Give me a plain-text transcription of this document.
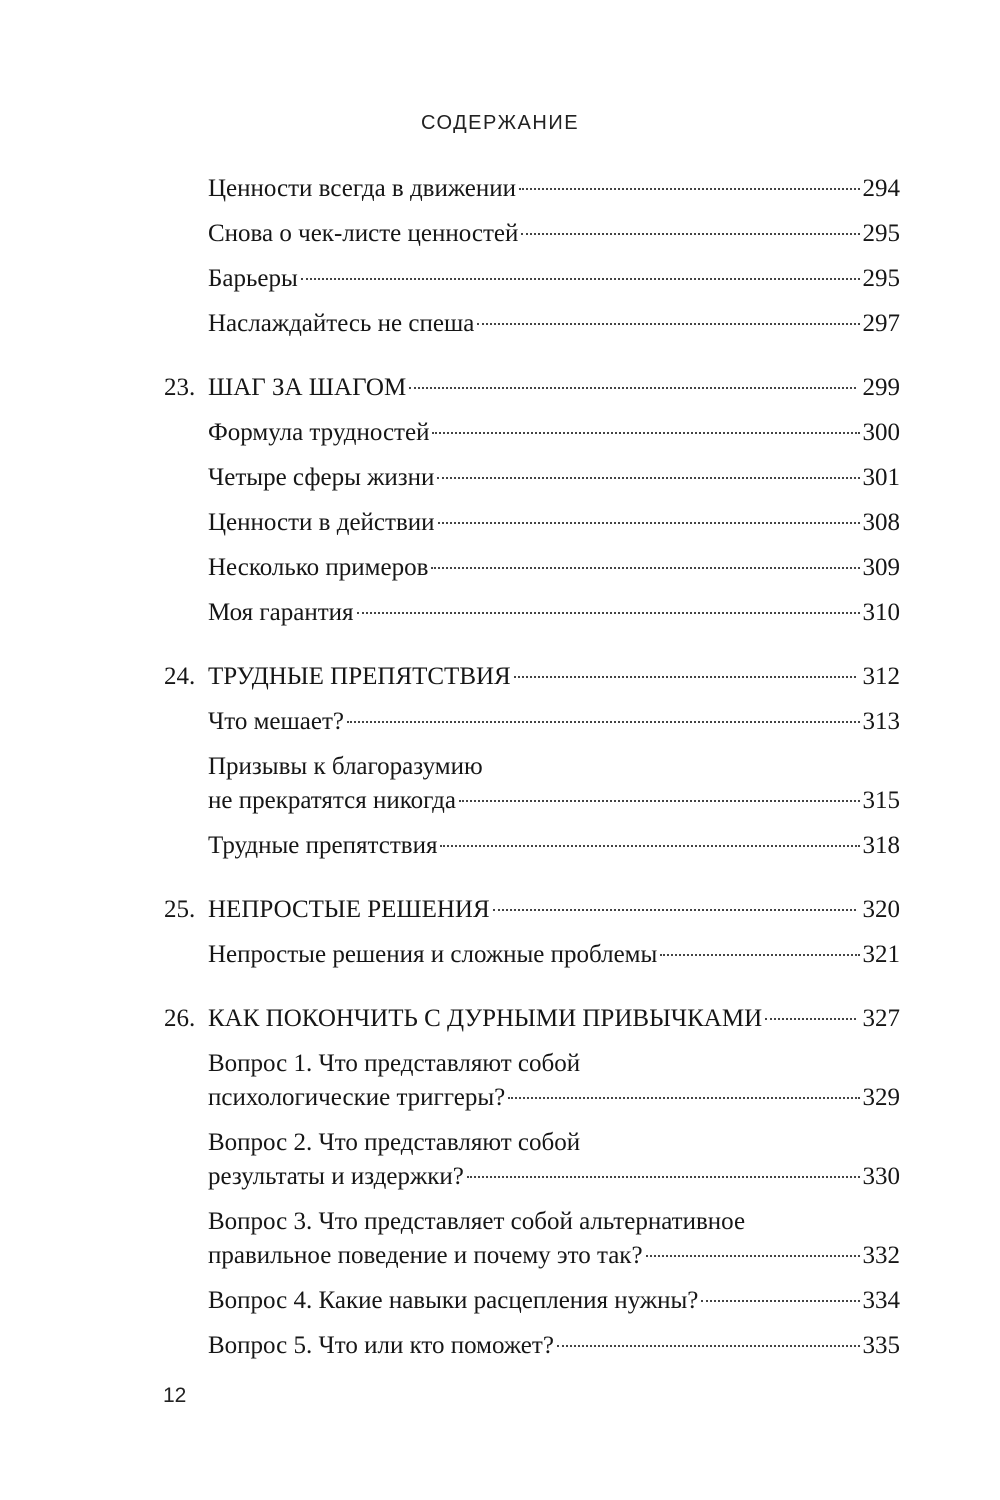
СОДЕРЖАНИЕ
Ценности всегда в движении	294
Снова о чек-листе ценностей	295
Барьеры	295
Наслаждайтесь не спеша	297
23. ШАГ ЗА ШАГОМ	299
Формула трудностей	300
Четыре сферы жизни	301
Ценности в действии	308
Несколько примеров	309
Моя гарантия	310
24. ТРУДНЫЕ ПРЕПЯТСТВИЯ	312
Что мешает?	313
Призывы к благоразумию
не прекратятся никогда	315
Трудные препятствия	318
25. НЕПРОСТЫЕ РЕШЕНИЯ	320
Непростые решения и сложные проблемы	321
26. КАК ПОКОНЧИТЬ С ДУРНЫМИ ПРИВЫЧКАМИ	327
Вопрос 1. Что представляют собой
психологические триггеры?	329
Вопрос 2. Что представляют собой
результаты и издержки?	330
Вопрос 3. Что представляет собой альтернативное
правильное поведение и почему это так?	332
Вопрос 4. Какие навыки расцепления нужны?	334
Вопрос 5. Что или кто поможет?	335
12
